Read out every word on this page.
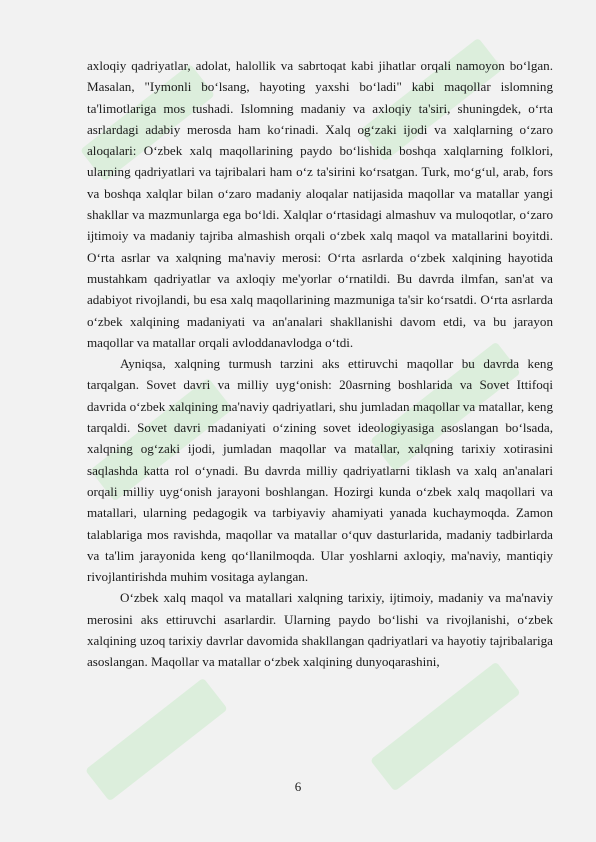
axloqiy qadriyatlar, adolat, halollik va sabrtoqat kabi jihatlar orqali namoyon bo‘lgan. Masalan, "Iymonli bo‘lsang, hayoting yaxshi bo‘ladi" kabi maqollar islomning ta'limotlariga mos tushadi. Islomning madaniy va axloqiy ta'siri, shuningdek, o‘rta asrlardagi adabiy merosda ham ko‘rinadi. Xalq og‘zaki ijodi va xalqlarning o‘zaro aloqalari: O‘zbek xalq maqollarining paydo bo‘lishida boshqa xalqlarning folklori, ularning qadriyatlari va tajribalari ham o‘z ta'sirini ko‘rsatgan. Turk, mo‘g‘ul, arab, fors va boshqa xalqlar bilan o‘zaro madaniy aloqalar natijasida maqollar va matallar yangi shakllar va mazmunlarga ega bo‘ldi. Xalqlar o‘rtasidagi almashuv va muloqotlar, o‘zaro ijtimoiy va madaniy tajriba almashish orqali o‘zbek xalq maqol va matallarini boyitdi. O‘rta asrlar va xalqning ma'naviy merosi: O‘rta asrlarda o‘zbek xalqining hayotida mustahkam qadriyatlar va axloqiy me'yorlar o‘rnatildi. Bu davrda ilmfan, san'at va adabiyot rivojlandi, bu esa xalq maqollarining mazmuniga ta'sir ko‘rsatdi. O‘rta asrlarda o‘zbek xalqining madaniyati va an'analari shakllanishi davom etdi, va bu jarayon maqollar va matallar orqali avloddanavlodga o‘tdi.

Ayniqsa, xalqning turmush tarzini aks ettiruvchi maqollar bu davrda keng tarqalgan. Sovet davri va milliy uyg‘onish: 20asrning boshlarida va Sovet Ittifoqi davrida o‘zbek xalqining ma'naviy qadriyatlari, shu jumladan maqollar va matallar, keng tarqaldi. Sovet davri madaniyati o‘zining sovet ideologiyasiga asoslangan bo‘lsada, xalqning og‘zaki ijodi, jumladan maqollar va matallar, xalqning tarixiy xotirasini saqlashda katta rol o‘ynadi. Bu davrda milliy qadriyatlarni tiklash va xalq an'analari orqali milliy uyg‘onish jarayoni boshlangan. Hozirgi kunda o‘zbek xalq maqollari va matallari, ularning pedagogik va tarbiyaviy ahamiyati yanada kuchaymoqda. Zamon talablariga mos ravishda, maqollar va matallar o‘quv dasturlarida, madaniy tadbirlarda va ta'lim jarayonida keng qo‘llanilmoqda. Ular yoshlarni axloqiy, ma'naviy, mantiqiy rivojlantirishda muhim vositaga aylangan.

O‘zbek xalq maqol va matallari xalqning tarixiy, ijtimoiy, madaniy va ma'naviy merosini aks ettiruvchi asarlardir. Ularning paydo bo‘lishi va rivojlanishi, o‘zbek xalqining uzoq tarixiy davrlar davomida shakllangan qadriyatlari va hayotiy tajribalariga asoslangan. Maqollar va matallar o‘zbek xalqining dunyoqarashini,

6
